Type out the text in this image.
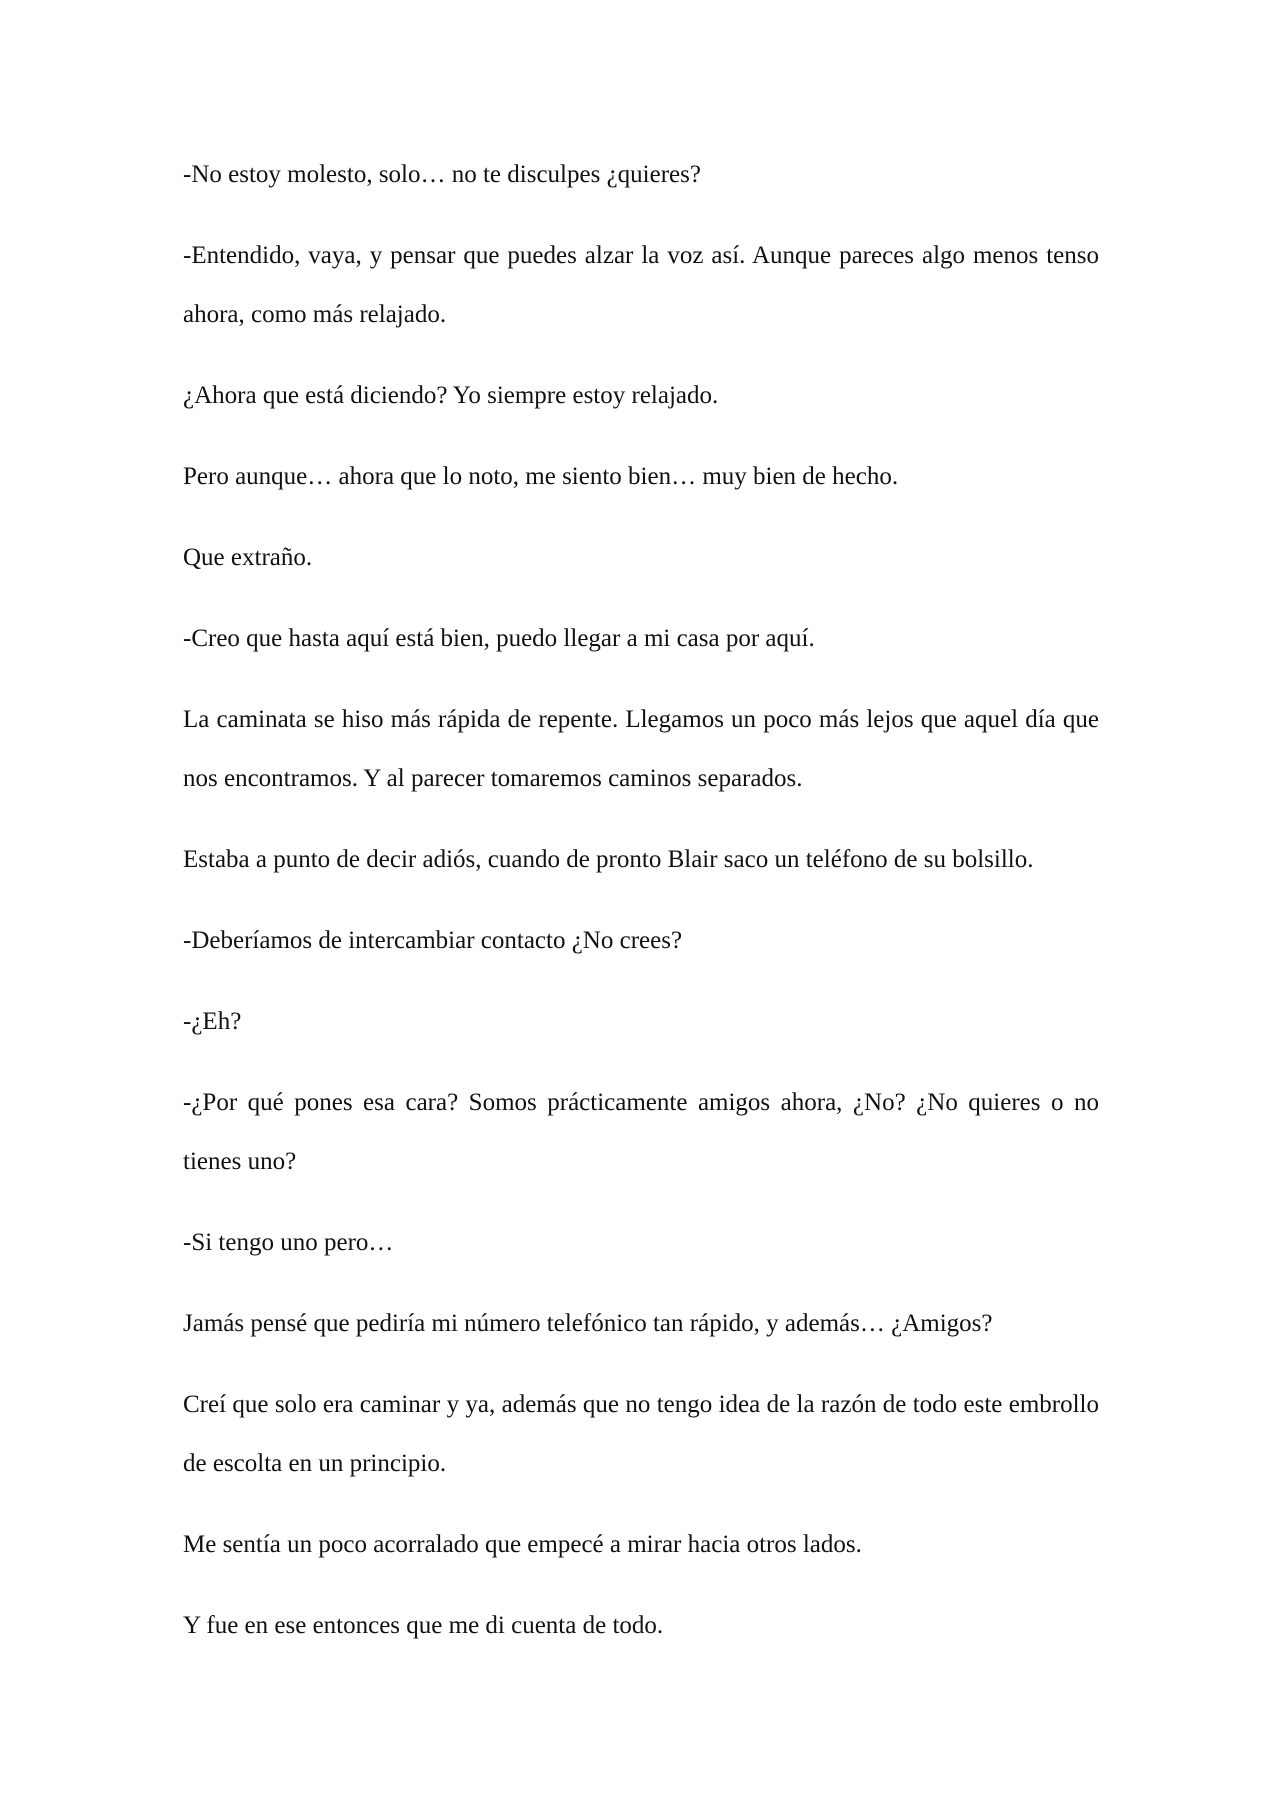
-No estoy molesto, solo… no te disculpes ¿quieres?

-Entendido, vaya, y pensar que puedes alzar la voz así. Aunque pareces algo menos tenso ahora, como más relajado.

¿Ahora que está diciendo? Yo siempre estoy relajado.

Pero aunque… ahora que lo noto, me siento bien… muy bien de hecho.

Que extraño.

-Creo que hasta aquí está bien, puedo llegar a mi casa por aquí.

La caminata se hiso más rápida de repente. Llegamos un poco más lejos que aquel día que nos encontramos. Y al parecer tomaremos caminos separados.

Estaba a punto de decir adiós, cuando de pronto Blair saco un teléfono de su bolsillo.

-Deberíamos de intercambiar contacto ¿No crees?

-¿Eh?

-¿Por qué pones esa cara? Somos prácticamente amigos ahora, ¿No? ¿No quieres o no tienes uno?

-Si tengo uno pero…

Jamás pensé que pediría mi número telefónico tan rápido, y además… ¿Amigos?

Creí que solo era caminar y ya, además que no tengo idea de la razón de todo este embrollo de escolta en un principio.

Me sentía un poco acorralado que empecé a mirar hacia otros lados.

Y fue en ese entonces que me di cuenta de todo.
